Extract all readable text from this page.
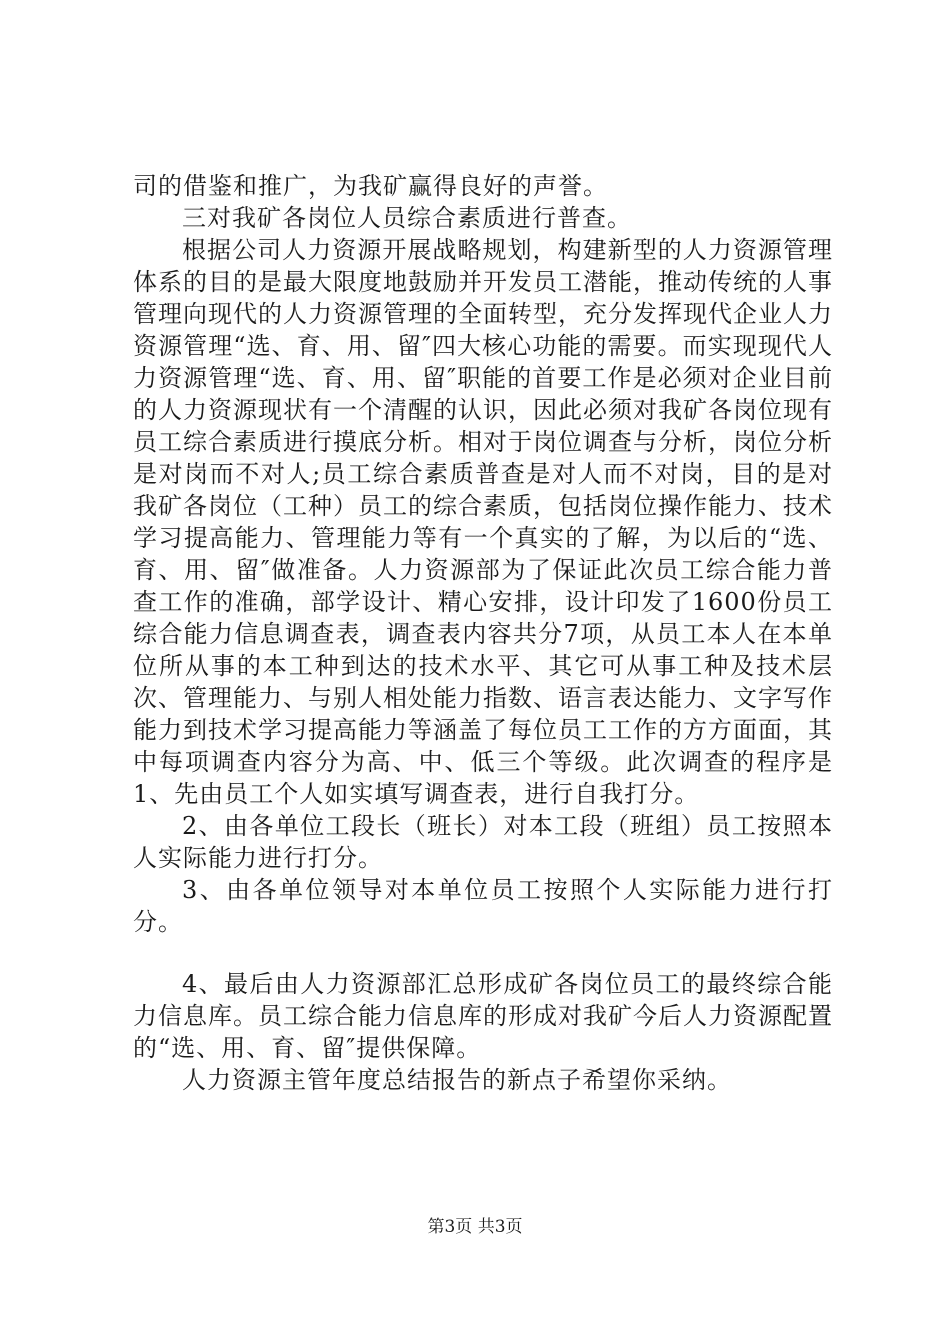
司的借鉴和推广，为我矿赢得良好的声誉。

三对我矿各岗位人员综合素质进行普查。

根据公司人力资源开展战略规划，构建新型的人力资源管理体系的目的是最大限度地鼓励并开发员工潜能，推动传统的人事管理向现代的人力资源管理的全面转型，充分发挥现代企业人力资源管理“选、育、用、留″四大核心功能的需要。而实现现代人力资源管理“选、育、用、留″职能的首要工作是必须对企业目前的人力资源现状有一个清醒的认识，因此必须对我矿各岗位现有员工综合素质进行摸底分析。相对于岗位调查与分析，岗位分析是对岗而不对人;员工综合素质普查是对人而不对岗，目的是对我矿各岗位（工种）员工的综合素质，包括岗位操作能力、技术学习提高能力、管理能力等有一个真实的了解，为以后的“选、育、用、留″做准备。人力资源部为了保证此次员工综合能力普查工作的准确，部学设计、精心安排，设计印发了1600份员工综合能力信息调查表，调查表内容共分7项，从员工本人在本单位所从事的本工种到达的技术水平、其它可从事工种及技术层次、管理能力、与别人相处能力指数、语言表达能力、文字写作能力到技术学习提高能力等涵盖了每位员工工作的方方面面，其中每项调查内容分为高、中、低三个等级。此次调查的程序是1、先由员工个人如实填写调查表，进行自我打分。

2、由各单位工段长（班长）对本工段（班组）员工按照本人实际能力进行打分。

3、由各单位领导对本单位员工按照个人实际能力进行打分。

4、最后由人力资源部汇总形成矿各岗位员工的最终综合能力信息库。员工综合能力信息库的形成对我矿今后人力资源配置的“选、用、育、留″提供保障。

人力资源主管年度总结报告的新点子希望你采纳。

第3页 共3页
